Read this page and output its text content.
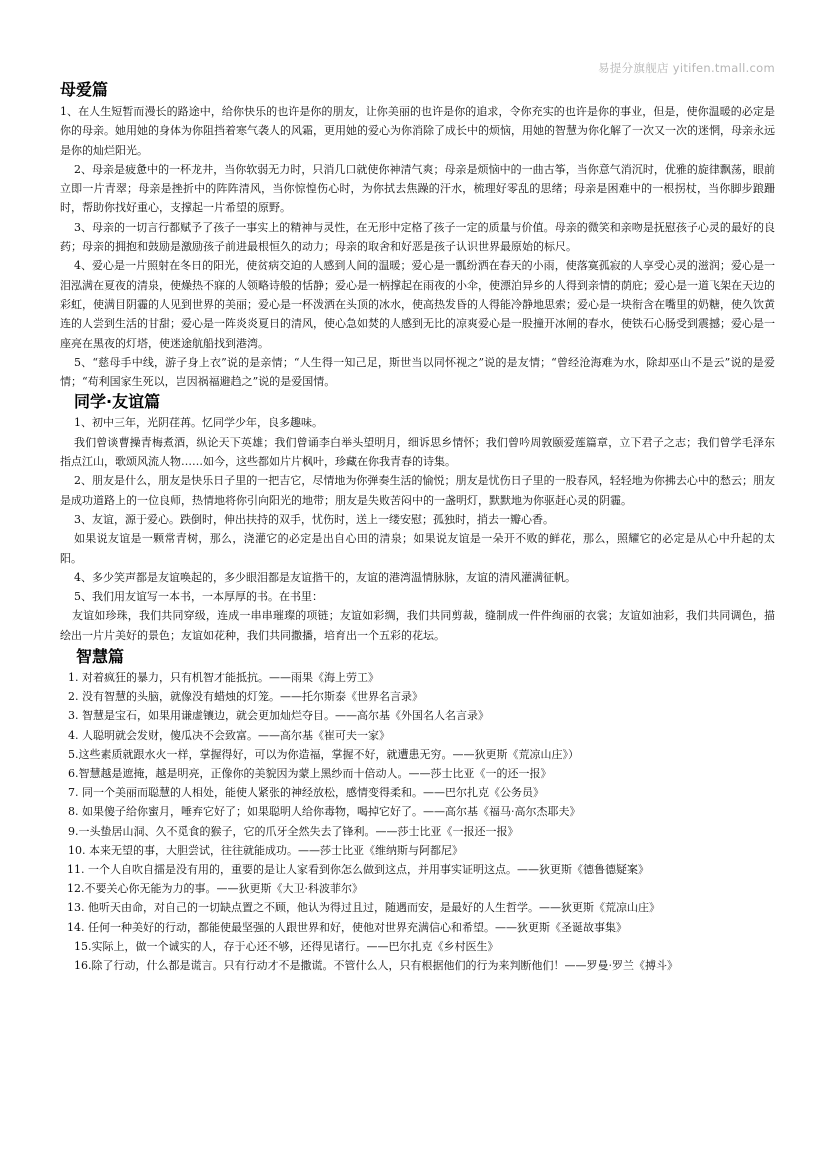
易提分旗舰店 yitifen.tmall.com
母爱篇

1、在人生短暂而漫长的路途中，给你快乐的也许是你的朋友，让你美丽的也许是你的追求，令你充实的也许是你的事业，但是，使你温暖的必定是你的母亲。她用她的身体为你阻挡着寒气袭人的风霜，更用她的爱心为你消除了成长中的烦恼，用她的智慧为你化解了一次又一次的迷惘，母亲永远是你的灿烂阳光。

2、母亲是疲惫中的一杯龙井，当你软弱无力时，只消几口就使你神清气爽；母亲是烦恼中的一曲古筝，当你意气消沉时，优雅的旋律飘荡，眼前立即一片青翠；母亲是挫折中的阵阵清风，当你惊惶伤心时，为你拭去焦躁的汗水，梳理好零乱的思绪；母亲是困难中的一根拐杖，当你脚步踉跚时，帮助你找好重心，支撑起一片希望的原野。

3、母亲的一切言行都赋予了孩子一事实上的精神与灵性，在无形中定格了孩子一定的质量与价值。母亲的微笑和亲吻是抚慰孩子心灵的最好的良药；母亲的拥抱和鼓励是激励孩子前进最根恒久的动力；母亲的取舍和好恶是孩子认识世界最原始的标尺。

4、爱心是一片照射在冬日的阳光，使贫病交迫的人感到人间的温暖；爱心是一瓢纷洒在春天的小雨，使落寞孤寂的人享受心灵的滋润；爱心是一泪泓满在夏夜的清泉，使燥热不寐的人领略诗般的恬静；爱心是一柄撑起在雨夜的小伞，使漂泊异乡的人得到亲情的荫庇；爱心是一道飞架在天边的彩虹，使满目阴霾的人见到世界的美丽；爱心是一杯泼洒在头顶的冰水，使高热发昏的人得能冷静地思索；爱心是一块衔含在嘴里的奶糖，使久饮黄连的人尝到生活的甘甜；爱心是一阵炎炎夏日的清风，使心急如焚的人感到无比的凉爽爱心是一股撞开冰闸的春水，使铁石心肠受到震撼；爱心是一座亮在黑夜的灯塔，使迷途航船找到港湾。

5、“慈母手中线，游子身上衣”说的是亲情；“人生得一知己足，斯世当以同怀视之”说的是友情；“曾经沧海难为水，除却巫山不是云”说的是爱情；“苟利国家生死以，岂因祸福避趋之”说的是爱国情。

同学·友谊篇

1、初中三年，光阴荏苒。忆同学少年，良多趣味。

我们曾谈曹操青梅煮酒，纵论天下英雄；我们曾诵李白举头望明月，细诉思乡情怀；我们曾吟周敦颐爱莲篇章，立下君子之志；我们曾学毛泽东指点江山，歌颂风流人物……如今，这些都如片片枫叶，珍藏在你我青春的诗集。

2、朋友是什么，朋友是快乐日子里的一把吉它，尽情地为你弹奏生活的愉悦；朋友是忧伤日子里的一股春风，轻轻地为你拂去心中的愁云；朋友是成功道路上的一位良师，热情地将你引向阳光的地带；朋友是失败苦闷中的一盏明灯，默默地为你驱赶心灵的阴霾。

3、友谊，源于爱心。跌倒时，伸出扶持的双手，忧伤时，送上一缕安慰；孤独时，捎去一瓣心香。

如果说友谊是一颗常青树，那么，浇灌它的必定是出自心田的清泉；如果说友谊是一朵开不败的鲜花，那么，照耀它的必定是从心中升起的太阳。

4、多少笑声都是友谊唤起的，多少眼泪都是友谊揩干的，友谊的港湾温情脉脉，友谊的清风灌满征帆。

5、我们用友谊写一本书，一本厚厚的书。在书里：

友谊如珍珠，我们共同穿级，连成一串串璀璨的项链；友谊如彩绸，我们共同剪裁，缝制成一件件绚丽的衣裳；友谊如油彩，我们共同调色，描绘出一片片美好的景色；友谊如花种，我们共同撒播，培育出一个五彩的花坛。

智慧篇

1. 对着疯狂的暴力，只有机智才能抵抗。——雨果《海上劳工》

2. 没有智慧的头脑，就像没有蜡烛的灯笼。——托尔斯泰《世界名言录》

3. 智慧是宝石，如果用谦虚镶边，就会更加灿烂夺目。——高尔基《外国名人名言录》

4. 人聪明就会发财，傻瓜决不会致富。——高尔基《崔可夫一家》

5.这些素质就跟水火一样，掌握得好，可以为你造福，掌握不好，就遭患无穷。——狄更斯《荒凉山庄》）

6.智慧越是遮掩，越是明亮，正像你的美貌因为蒙上黑纱而十倍动人。——莎士比亚《一的还一报》

7. 同一个美丽而聪慧的人相处，能使人紧张的神经放松，感情变得柔和。——巴尔扎克《公务员》

8. 如果傻子给你蜜月，唾弃它好了；如果聪明人给你毒物，喝掉它好了。——高尔基《福马·高尔杰耶夫》

9.一头蛰居山洞、久不觅食的猴子，它的爪牙全然失去了锋利。——莎士比亚《一报还一报》

10. 本来无望的事，大胆尝试，往往就能成功。——莎士比亚《维纳斯与阿都尼》

11. 一个人自吹自擂是没有用的，重要的是让人家看到你怎么做到这点，并用事实证明这点。——狄更斯《德鲁德疑案》

12.不要关心你无能为力的事。——狄更斯《大卫·科波菲尔》

13. 他听天由命，对自己的一切缺点置之不顾，他认为得过且过，随遇而安，是最好的人生哲学。——狄更斯《荒凉山庄》

14. 任何一种美好的行动，都能使最坚强的人跟世界和好，使他对世界充满信心和希望。——狄更斯《圣诞故事集》

15.实际上，做一个诚实的人，存于心还不够，还得见诸行。——巴尔扎克《乡村医生》

16.除了行动，什么都是谎言。只有行动才不是撒谎。不管什么人，只有根据他们的行为来判断他们！——罗曼·罗兰《搏斗》
